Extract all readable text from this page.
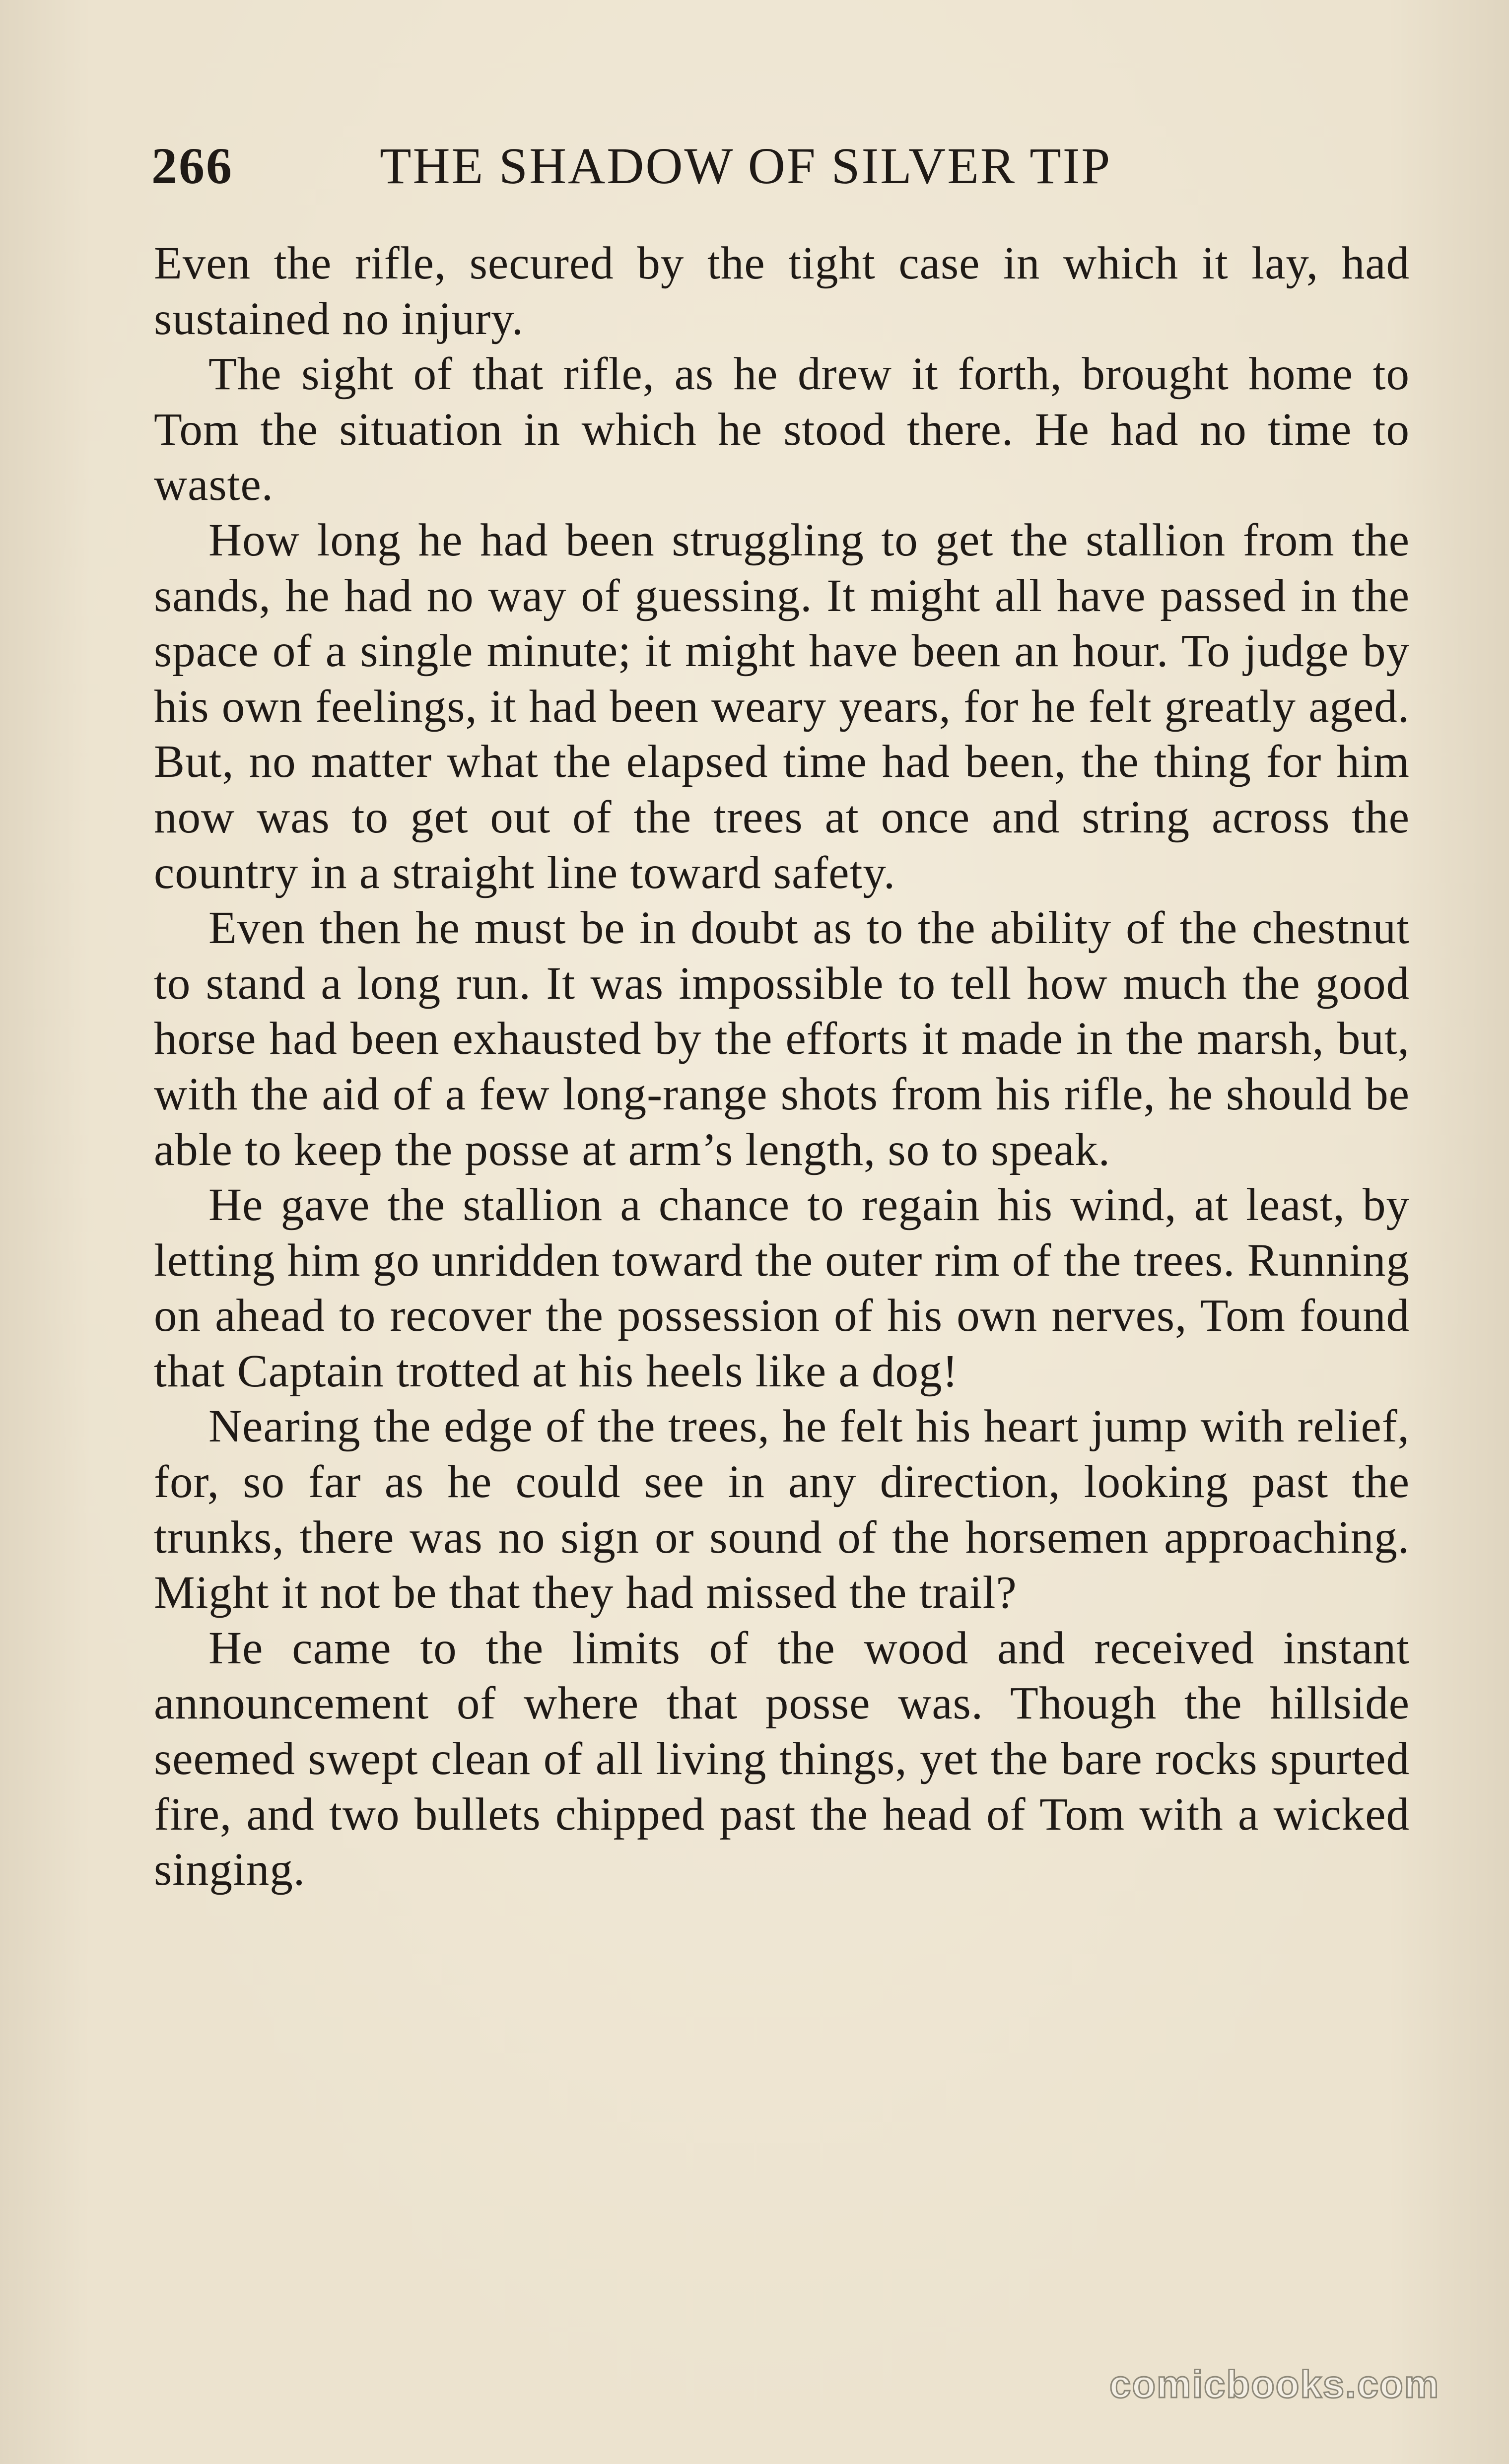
266	THE SHADOW OF SILVER TIP

Even the rifle, secured by the tight case in which it lay, had sustained no injury.

The sight of that rifle, as he drew it forth, brought home to Tom the situation in which he stood there. He had no time to waste.

How long he had been struggling to get the stallion from the sands, he had no way of guessing. It might all have passed in the space of a single minute; it might have been an hour. To judge by his own feelings, it had been weary years, for he felt greatly aged. But, no matter what the elapsed time had been, the thing for him now was to get out of the trees at once and string across the country in a straight line toward safety.

Even then he must be in doubt as to the ability of the chestnut to stand a long run. It was impossible to tell how much the good horse had been exhausted by the efforts it made in the marsh, but, with the aid of a few long-range shots from his rifle, he should be able to keep the posse at arm’s length, so to speak.

He gave the stallion a chance to regain his wind, at least, by letting him go unridden toward the outer rim of the trees. Running on ahead to recover the possession of his own nerves, Tom found that Captain trotted at his heels like a dog!

Nearing the edge of the trees, he felt his heart jump with relief, for, so far as he could see in any direction, looking past the trunks, there was no sign or sound of the horsemen approaching. Might it not be that they had missed the trail?

He came to the limits of the wood and received instant announcement of where that posse was. Though the hillside seemed swept clean of all living things, yet the bare rocks spurted fire, and two bullets chipped past the head of Tom with a wicked singing.

comicbooks.com
